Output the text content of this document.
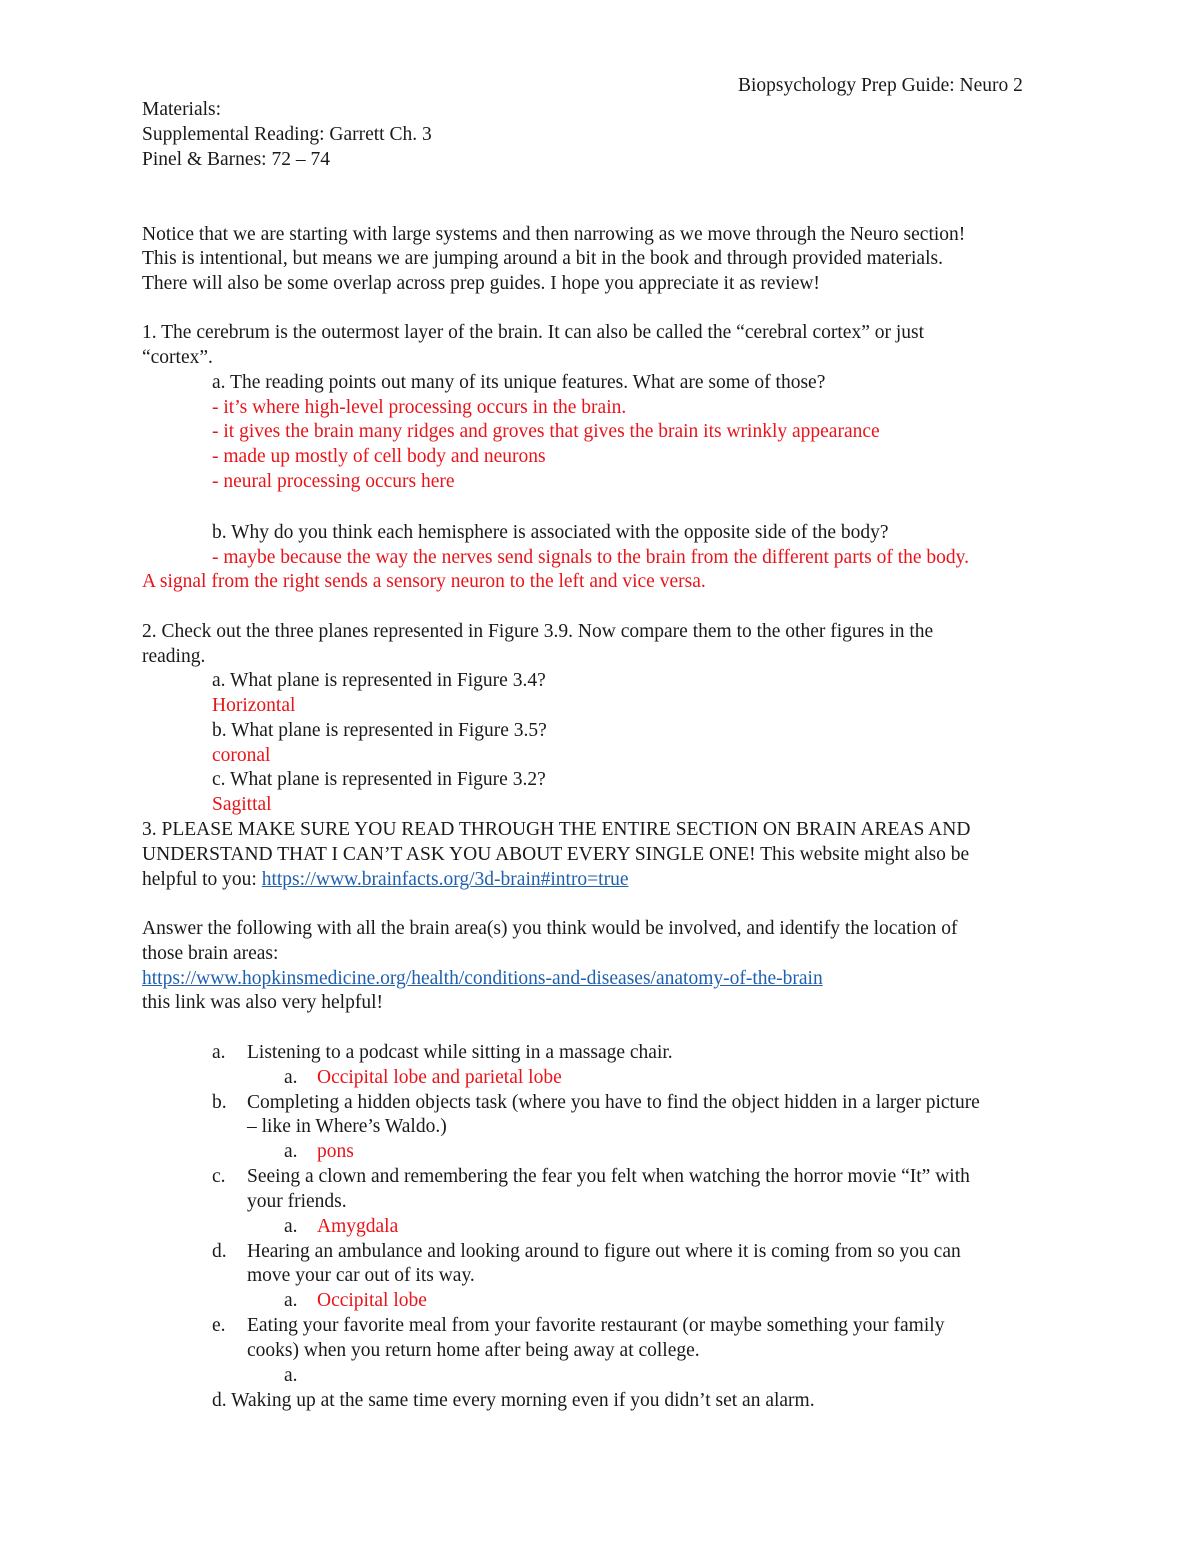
Biopsychology Prep Guide: Neuro 2
Materials:
Supplemental Reading: Garrett Ch. 3
Pinel & Barnes: 72 – 74
Notice that we are starting with large systems and then narrowing as we move through the Neuro section!
This is intentional, but means we are jumping around a bit in the book and through provided materials.
There will also be some overlap across prep guides. I hope you appreciate it as review!
1. The cerebrum is the outermost layer of the brain. It can also be called the “cerebral cortex” or just
“cortex”.
a. The reading points out many of its unique features. What are some of those?
- it’s where high-level processing occurs in the brain.
- it gives the brain many ridges and groves that gives the brain its wrinkly appearance
- made up mostly of cell body and neurons
- neural processing occurs here
b. Why do you think each hemisphere is associated with the opposite side of the body?
- maybe because the way the nerves send signals to the brain from the different parts of the body.
A signal from the right sends a sensory neuron to the left and vice versa.
2. Check out the three planes represented in Figure 3.9. Now compare them to the other figures in the
reading.
a. What plane is represented in Figure 3.4?
Horizontal
b. What plane is represented in Figure 3.5?
coronal
c. What plane is represented in Figure 3.2?
Sagittal
3. PLEASE MAKE SURE YOU READ THROUGH THE ENTIRE SECTION ON BRAIN AREAS AND
UNDERSTAND THAT I CAN’T ASK YOU ABOUT EVERY SINGLE ONE! This website might also be
helpful to you: https://www.brainfacts.org/3d-brain#intro=true
Answer the following with all the brain area(s) you think would be involved, and identify the location of
those brain areas:
https://www.hopkinsmedicine.org/health/conditions-and-diseases/anatomy-of-the-brain
this link was also very helpful!
a. Listening to a podcast while sitting in a massage chair.
a. Occipital lobe and parietal lobe
b. Completing a hidden objects task (where you have to find the object hidden in a larger picture
– like in Where’s Waldo.)
a. pons
c. Seeing a clown and remembering the fear you felt when watching the horror movie “It” with
your friends.
a. Amygdala
d. Hearing an ambulance and looking around to figure out where it is coming from so you can
move your car out of its way.
a. Occipital lobe
e. Eating your favorite meal from your favorite restaurant (or maybe something your family
cooks) when you return home after being away at college.
a.
d. Waking up at the same time every morning even if you didn’t set an alarm.
